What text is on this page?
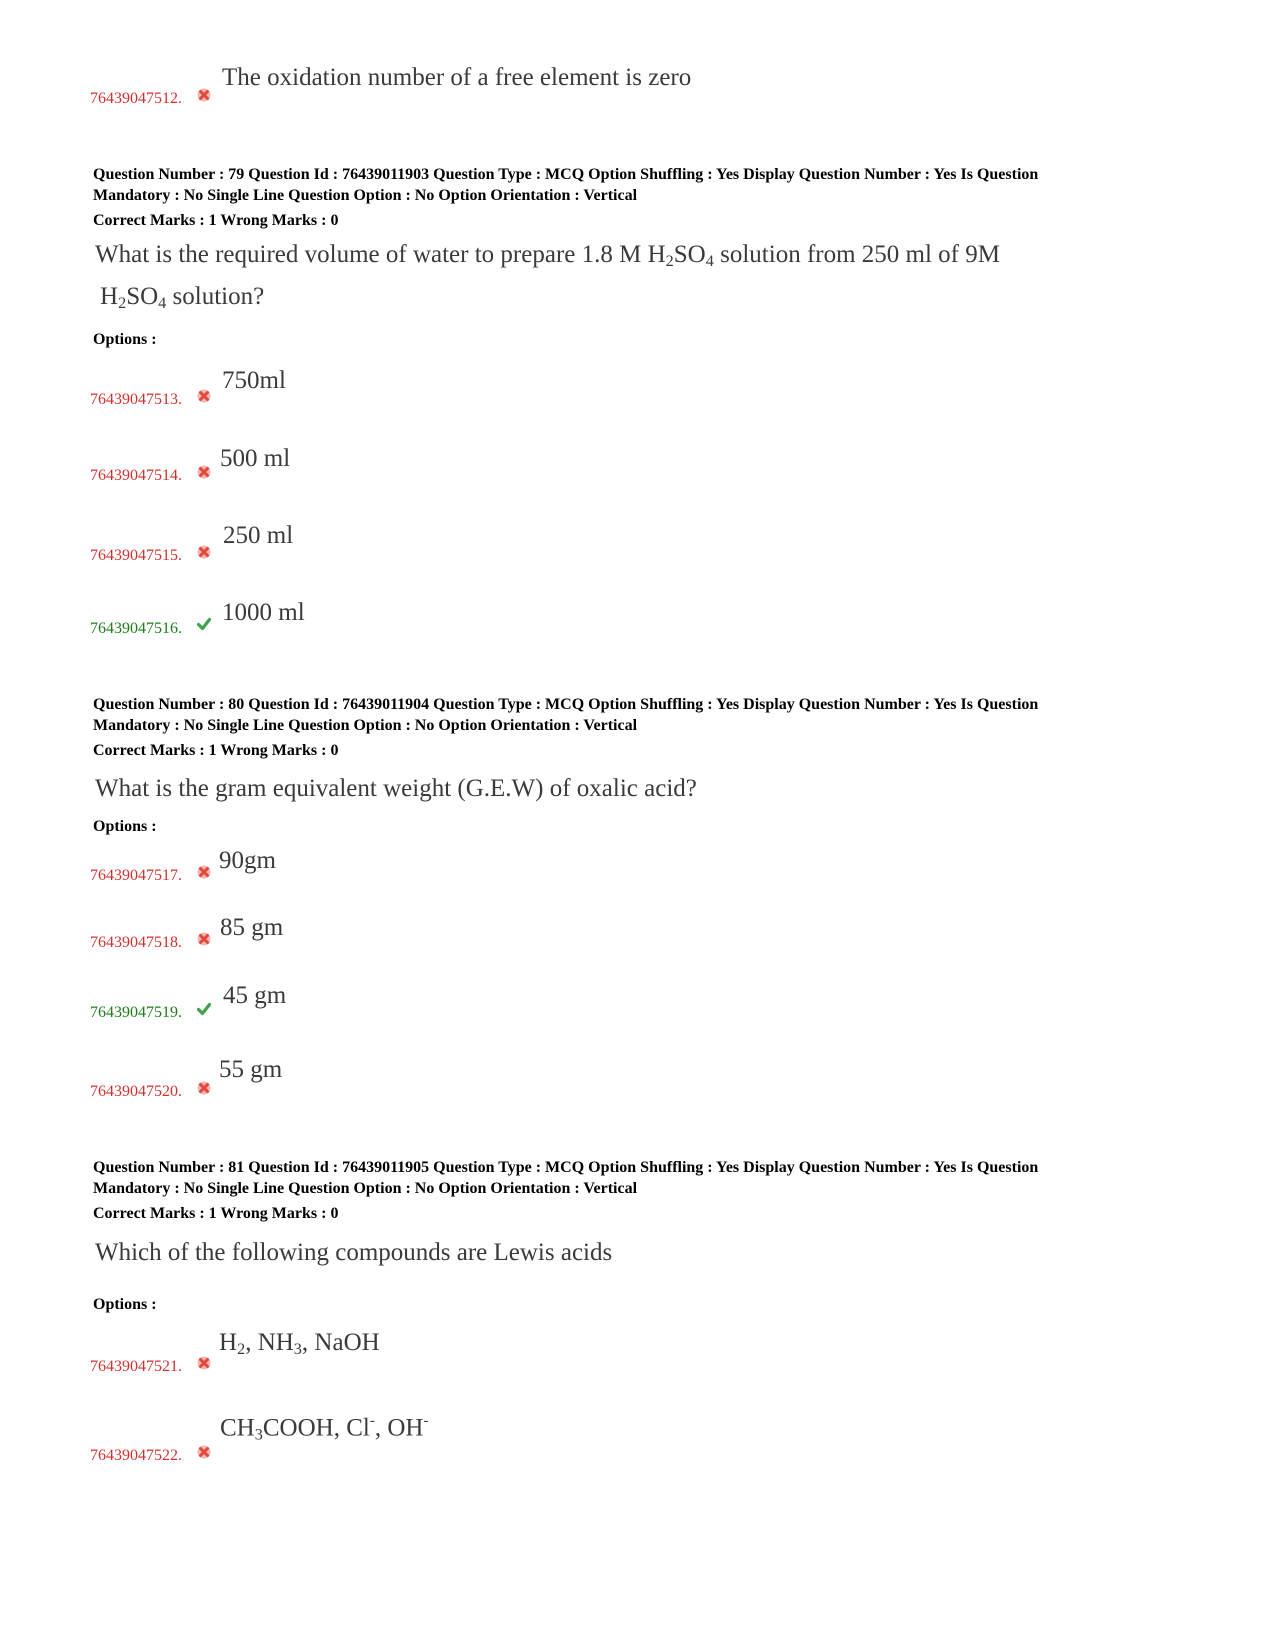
The oxidation number of a free element is zero
76439047512.

Question Number : 79 Question Id : 76439011903 Question Type : MCQ Option Shuffling : Yes Display Question Number : Yes Is Question

Mandatory : No Single Line Question Option : No Option Orientation : Vertical

Correct Marks : 1 Wrong Marks : 0

What is the required volume of water to prepare 1.8 M $H_2SO_4$ solution from 250 ml of 9M
$H_2SO_4$ solution?
Options :
750ml
76439047513.
500 ml
76439047514.
250 ml
76439047515.
1000 ml
76439047516.

Question Number : 80 Question Id : 76439011904 Question Type : MCQ Option Shuffling : Yes Display Question Number : Yes Is Question

Mandatory : No Single Line Question Option : No Option Orientation : Vertical

Correct Marks : 1 Wrong Marks : 0

What is the gram equivalent weight (G.E.W) of oxalic acid?
Options :
90gm
76439047517.
85 gm
76439047518.
45 gm
76439047519.
55 gm
76439047520.

Question Number : 81 Question Id : 76439011905 Question Type : MCQ Option Shuffling : Yes Display Question Number : Yes Is Question

Mandatory : No Single Line Question Option : No Option Orientation : Vertical

Correct Marks : 1 Wrong Marks : 0

Which of the following compounds are Lewis acids
Options :
$H_2$, $NH_3$, NaOH
76439047521.
$CH_3COOH$, Cl-, OH-
76439047522.
